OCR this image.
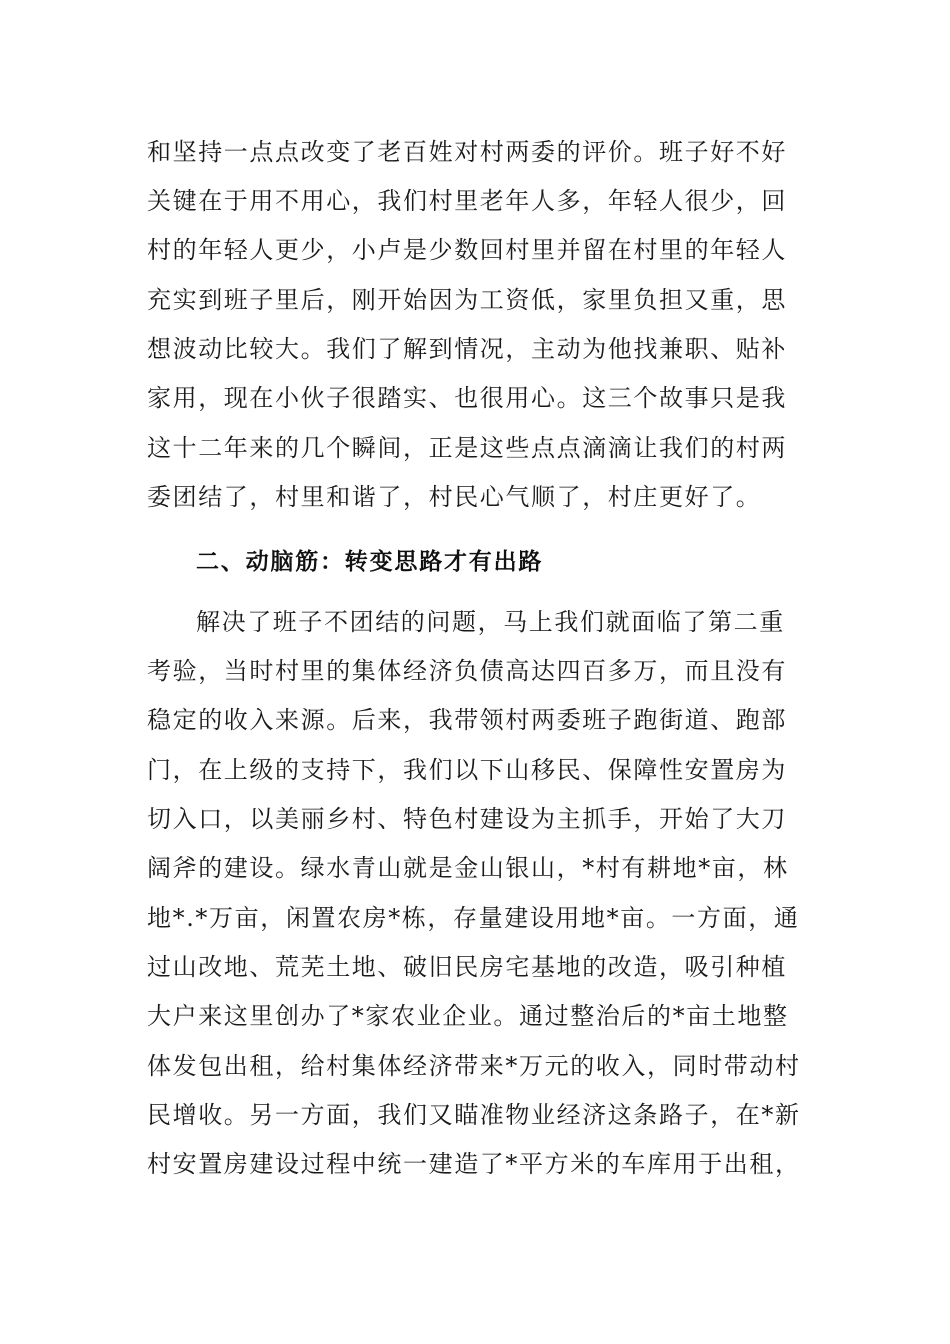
和坚持一点点改变了老百姓对村两委的评价。班子好不好
关键在于用不用心，我们村里老年人多，年轻人很少，回
村的年轻人更少，小卢是少数回村里并留在村里的年轻人
充实到班子里后，刚开始因为工资低，家里负担又重，思
想波动比较大。我们了解到情况，主动为他找兼职、贴补
家用，现在小伙子很踏实、也很用心。这三个故事只是我
这十二年来的几个瞬间，正是这些点点滴滴让我们的村两
委团结了，村里和谐了，村民心气顺了，村庄更好了。
二、动脑筋：转变思路才有出路
解决了班子不团结的问题，马上我们就面临了第二重
考验，当时村里的集体经济负债高达四百多万，而且没有
稳定的收入来源。后来，我带领村两委班子跑街道、跑部
门，在上级的支持下，我们以下山移民、保障性安置房为
切入口，以美丽乡村、特色村建设为主抓手，开始了大刀
阔斧的建设。绿水青山就是金山银山，*村有耕地*亩，林
地*.*万亩，闲置农房*栋，存量建设用地*亩。一方面，通
过山改地、荒芜土地、破旧民房宅基地的改造，吸引种植
大户来这里创办了*家农业企业。通过整治后的*亩土地整
体发包出租，给村集体经济带来*万元的收入，同时带动村
民增收。另一方面，我们又瞄准物业经济这条路子，在*新
村安置房建设过程中统一建造了*平方米的车库用于出租，
